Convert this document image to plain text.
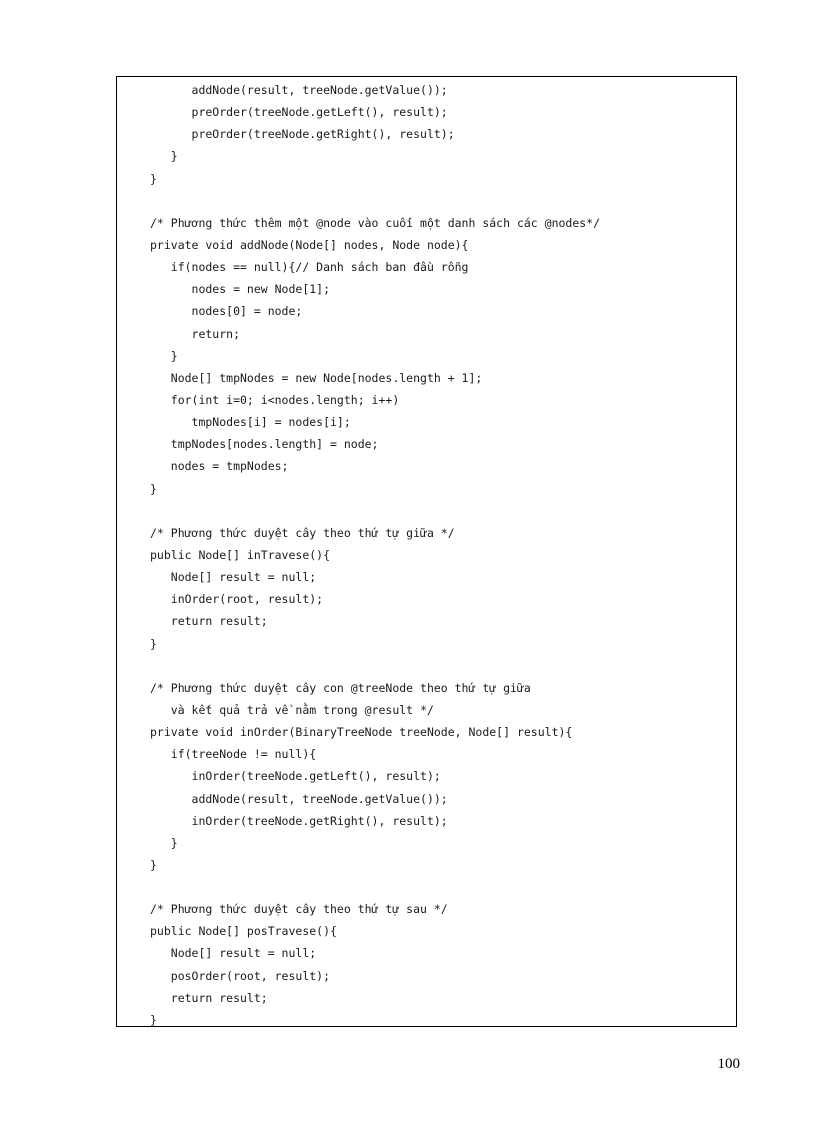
addNode(result, treeNode.getValue());
preOrder(treeNode.getLeft(), result);
preOrder(treeNode.getRight(), result);
}
}
/* Phương thức thêm một @node vào cuối một danh sách các @nodes*/
private void addNode(Node[] nodes, Node node){
if(nodes == null){// Danh sách ban đầu rỗng
nodes = new Node[1];
nodes[0] = node;
return;
}
Node[] tmpNodes = new Node[nodes.length + 1];
for(int i=0; i<nodes.length; i++)
tmpNodes[i] = nodes[i];
tmpNodes[nodes.length] = node;
nodes = tmpNodes;
}
/* Phương thức duyệt cây theo thứ tự giữa */
public Node[] inTravese(){
Node[] result = null;
inOrder(root, result);
return result;
}
/* Phương thức duyệt cây con @treeNode theo thứ tự giữa
và kết quả trả về nằm trong @result */
private void inOrder(BinaryTreeNode treeNode, Node[] result){
if(treeNode != null){
inOrder(treeNode.getLeft(), result);
addNode(result, treeNode.getValue());
inOrder(treeNode.getRight(), result);
}
}
/* Phương thức duyệt cây theo thứ tự sau */
public Node[] posTravese(){
Node[] result = null;
posOrder(root, result);
return result;
}
100
